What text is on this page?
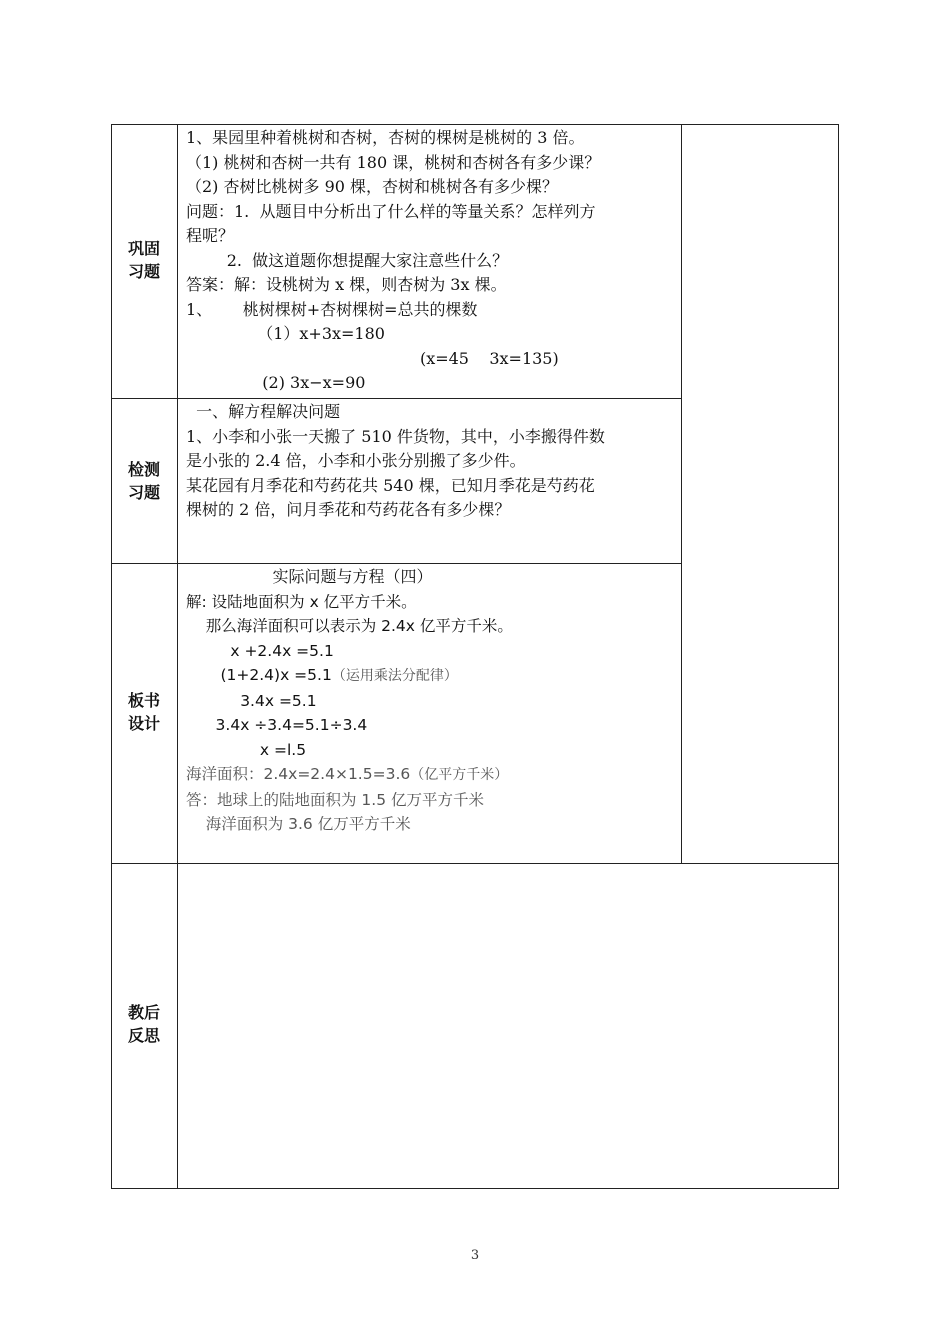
巩固
习题
1、果园里种着桃树和杏树，杏树的棵树是桃树的 3 倍。
（1) 桃树和杏树一共有 180 课，桃树和杏树各有多少课？
（2) 杏树比桃树多 90 棵，杏树和桃树各有多少棵？
问题：1.  从题目中分析出了什么样的等量关系？怎样列方
程呢？
2.  做这道题你想提醒大家注意些什么？
答案：解：设桃树为 x 棵，则杏树为 3x 棵。
1、      桃树棵树+杏树棵树=总共的棵数
（1）x+3x=180
(x=45    3x=135)
(2) 3x−x=90
检测
习题
一、解方程解决问题
1、小李和小张一天搬了 510 件货物，其中，小李搬得件数
是小张的 2.4 倍，小李和小张分别搬了多少件。
某花园有月季花和芍药花共 540 棵，已知月季花是芍药花
棵树的 2 倍，问月季花和芍药花各有多少棵？
板书
设计
实际问题与方程（四）
解: 设陆地面积为 x 亿平方千米。
那么海洋面积可以表示为 2.4x 亿平方千米。
x +2.4x =5.1
(1+2.4)x =5.1（运用乘法分配律）
3.4x =5.1
3.4x ÷3.4=5.1÷3.4
x =l.5
海洋面积：2.4x=2.4×1.5=3.6（亿平方千米）
答：地球上的陆地面积为 1.5 亿万平方千米
海洋面积为 3.6 亿万平方千米
教后
反思
3
